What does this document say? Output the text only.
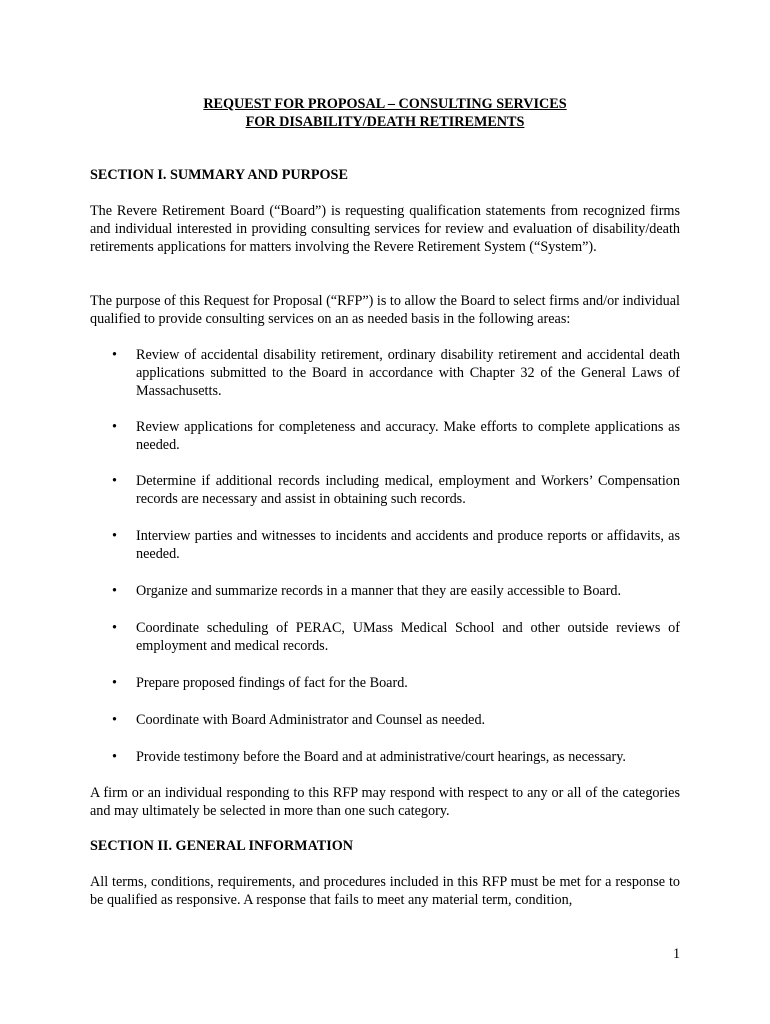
REQUEST FOR PROPOSAL – CONSULTING SERVICES

FOR DISABILITY/DEATH RETIREMENTS

SECTION I. SUMMARY AND PURPOSE

The Revere Retirement Board (“Board”) is requesting qualification statements from recognized firms and individual interested in providing consulting services for review and evaluation of disability/death retirements applications for matters involving the Revere Retirement System (“System”).

The purpose of this Request for Proposal (“RFP”) is to allow the Board to select firms and/or individual qualified to provide consulting services on an as needed basis in the following areas:

•	Review of accidental disability retirement, ordinary disability retirement and accidental death applications submitted to the Board in accordance with Chapter 32 of the General Laws of Massachusetts.

•	Review applications for completeness and accuracy. Make efforts to complete applications as needed.

•	Determine if additional records including medical, employment and Workers’ Compensation records are necessary and assist in obtaining such records.

•	Interview parties and witnesses to incidents and accidents and produce reports or affidavits, as needed.

•	Organize and summarize records in a manner that they are easily accessible to Board.

•	Coordinate scheduling of PERAC, UMass Medical School and other outside reviews of employment and medical records.

•	Prepare proposed findings of fact for the Board.

•	Coordinate with Board Administrator and Counsel as needed.

•	Provide testimony before the Board and at administrative/court hearings, as necessary.

A firm or an individual responding to this RFP may respond with respect to any or all of the categories and may ultimately be selected in more than one such category.

SECTION II. GENERAL INFORMATION

All terms, conditions, requirements, and procedures included in this RFP must be met for a response to be qualified as responsive. A response that fails to meet any material term, condition,

1
